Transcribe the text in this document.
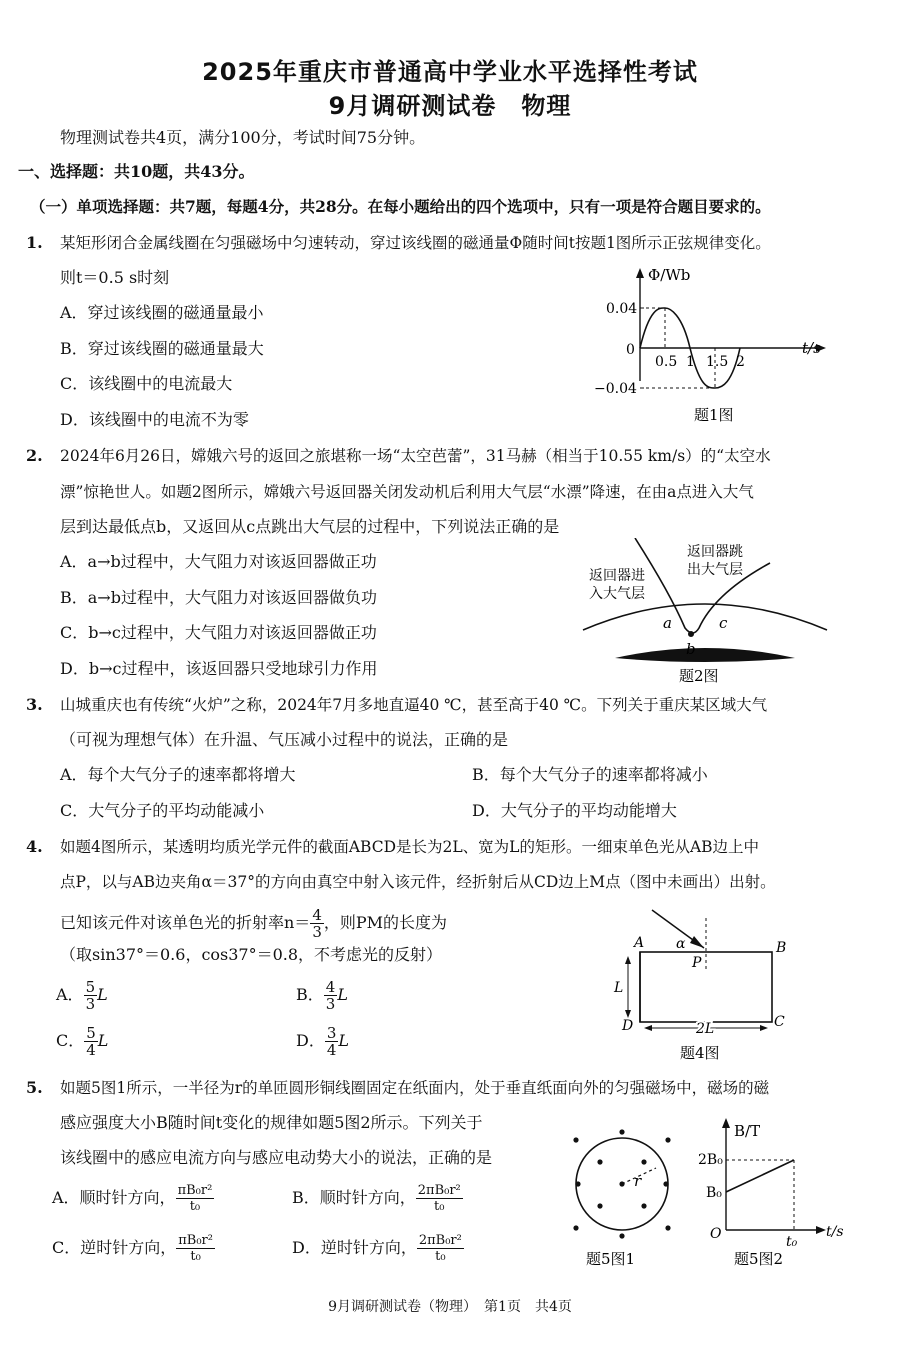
2025年重庆市普通高中学业水平选择性考试
9月调研测试卷　物理
物理测试卷共4页，满分100分，考试时间75分钟。
一、选择题：共10题，共43分。
（一）单项选择题：共7题，每题4分，共28分。在每小题给出的四个选项中，只有一项是符合题目要求的。
1. 某矩形闭合金属线圈在匀强磁场中匀速转动，穿过该线圈的磁通量Φ随时间t按题1图所示正弦规律变化。
则t＝0.5 s时刻
A．穿过该线圈的磁通量最小
B．穿过该线圈的磁通量最大
C．该线圈中的电流最大
D．该线圈中的电流不为零
Φ/Wb
t/s
0.04
−0.04
0
0.5 1 1.5 2
题1图
2. 2024年6月26日，嫦娥六号的返回之旅堪称一场“太空芭蕾”，31马赫（相当于10.55 km/s）的“太空水
漂”惊艳世人。如题2图所示，嫦娥六号返回器关闭发动机后利用大气层“水漂”降速，在由a点进入大气
层到达最低点b，又返回从c点跳出大气层的过程中，下列说法正确的是
A．a→b过程中，大气阻力对该返回器做正功
B．a→b过程中，大气阻力对该返回器做负功
C．b→c过程中，大气阻力对该返回器做正功
D．b→c过程中，该返回器只受地球引力作用
返回器进
入大气层
返回器跳
出大气层
a
b
c
题2图
3. 山城重庆也有传统“火炉”之称，2024年7月多地直逼40 ℃，甚至高于40 ℃。下列关于重庆某区域大气
（可视为理想气体）在升温、气压减小过程中的说法，正确的是
A．每个大气分子的速率都将增大	B．每个大气分子的速率都将减小
C．大气分子的平均动能减小	D．大气分子的平均动能增大
4. 如题4图所示，某透明均质光学元件的截面ABCD是长为2L、宽为L的矩形。一细束单色光从AB边上中
点P，以与AB边夹角α＝37°的方向由真空中射入该元件，经折射后从CD边上M点（图中未画出）出射。
已知该元件对该单色光的折射率$n= \frac{4}{3}$ ，则PM的长度为
（取sin37°＝0.6，cos37°＝0.8，不考虑光的反射）
A． $\frac{5}{3}$ L	B． $\frac{4}{3}$ L
C． $\frac{5}{4}$ L	D． $\frac{3}{4}$ L
A	B
C
D
P
α
L
2L
题4图
5. 如题5图1所示，一半径为r的单匝圆形铜线圈固定在纸面内，处于垂直纸面向外的匀强磁场中，磁场的磁
感应强度大小B随时间t变化的规律如题5图2所示。下列关于
该线圈中的感应电流方向与感应电动势大小的说法，正确的是
A．顺时针方向， $\frac{\text{πB₀r²}}{\text{t₀}}$	B．顺时针方向， $\frac{\text{2πB₀r²}}{\text{t₀}}$
C．逆时针方向， $\frac{\text{πB₀r²}}{\text{t₀}}$	D．逆时针方向， $\frac{\text{2πB₀r²}}{\text{t₀}}$
r
题5图1
B/T
t/s
2B₀
B₀
O	t₀
题5图2
9月调研测试卷（物理）　第1页　共4页
